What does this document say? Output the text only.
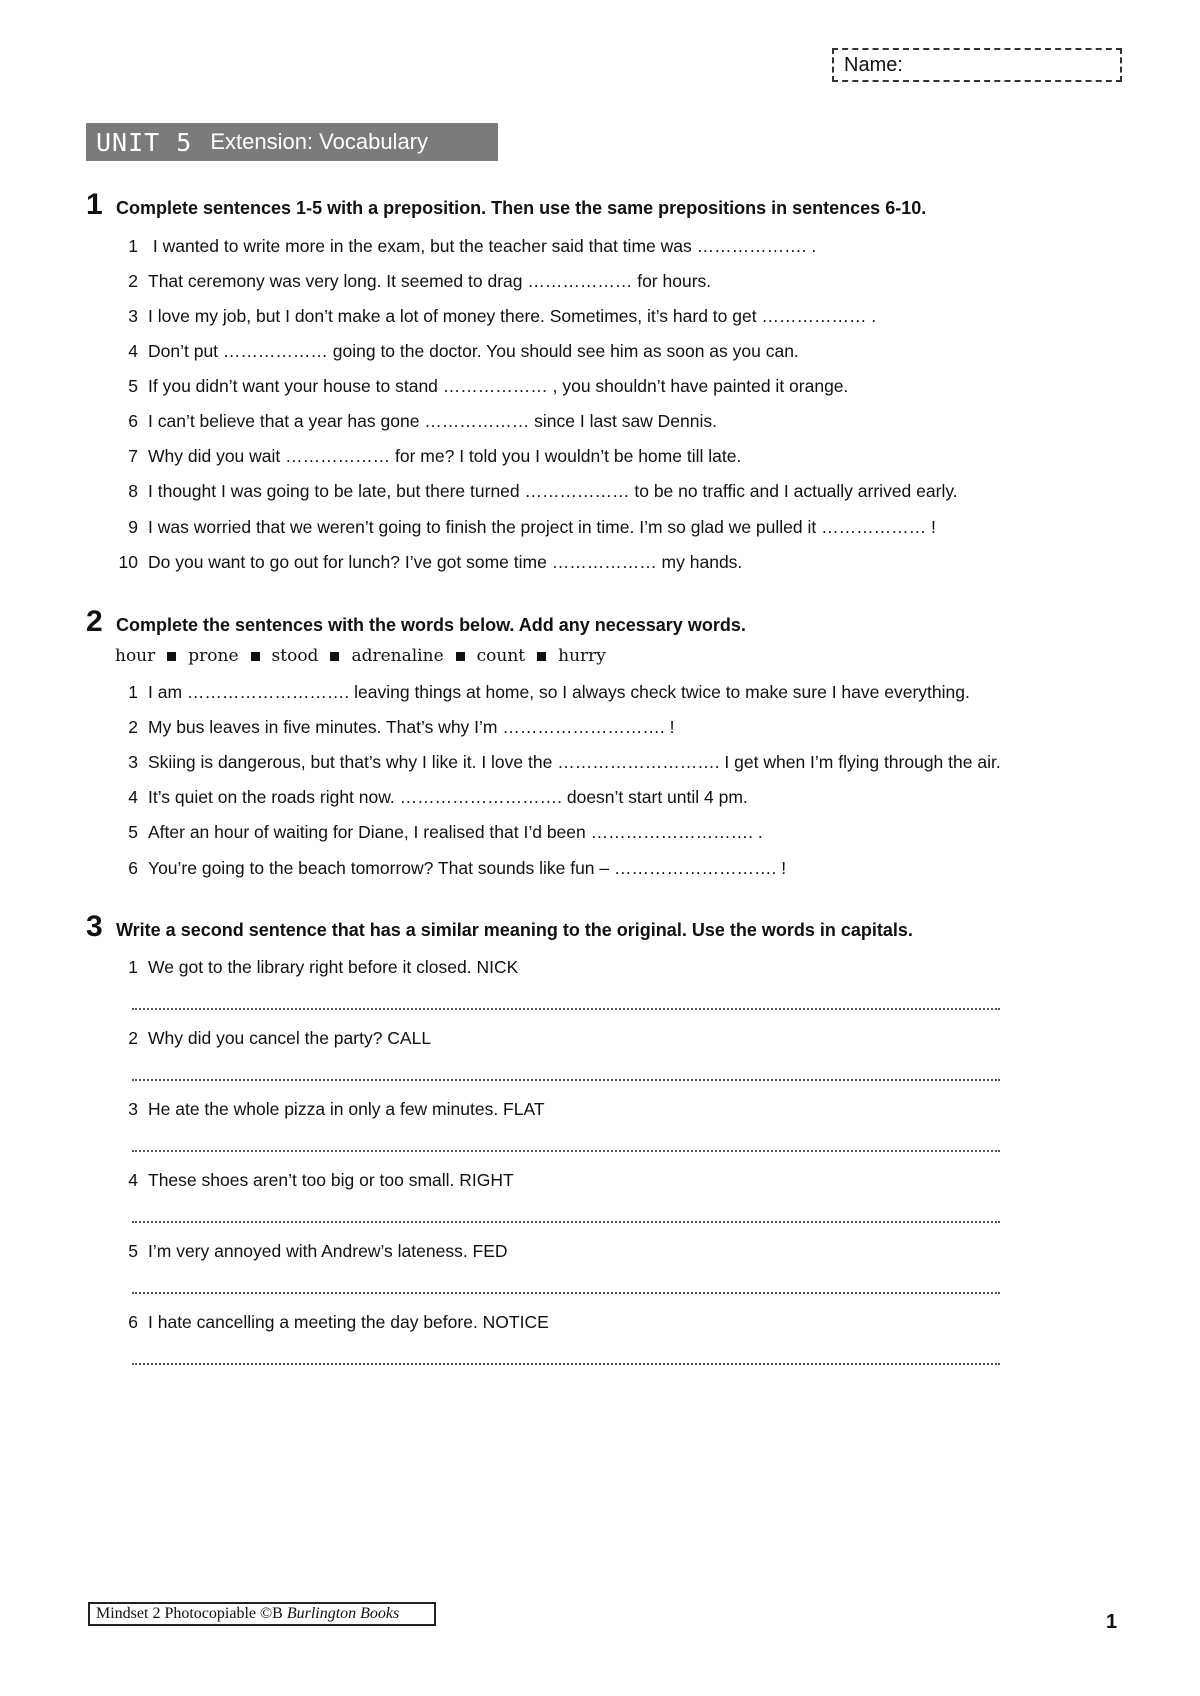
Name:
UNIT 5 Extension: Vocabulary
1 Complete sentences 1-5 with a preposition. Then use the same prepositions in sentences 6-10.
1 I wanted to write more in the exam, but the teacher said that time was ………………. .
2 That ceremony was very long. It seemed to drag ……………… for hours.
3 I love my job, but I don’t make a lot of money there. Sometimes, it’s hard to get ……………… .
4 Don’t put ……………… going to the doctor. You should see him as soon as you can.
5 If you didn’t want your house to stand ……………… , you shouldn’t have painted it orange.
6 I can’t believe that a year has gone ……………… since I last saw Dennis.
7 Why did you wait ……………… for me? I told you I wouldn’t be home till late.
8 I thought I was going to be late, but there turned ……………… to be no traffic and I actually arrived early.
9 I was worried that we weren’t going to finish the project in time. I’m so glad we pulled it ……………… !
10 Do you want to go out for lunch? I’ve got some time ……………… my hands.
2 Complete the sentences with the words below. Add any necessary words.
hour prone stood adrenaline count hurry
1 I am ………………………. leaving things at home, so I always check twice to make sure I have everything.
2 My bus leaves in five minutes. That’s why I’m ………………………. !
3 Skiing is dangerous, but that’s why I like it. I love the ………………………. I get when I’m flying through the air.
4 It’s quiet on the roads right now. ………………………. doesn’t start until 4 pm.
5 After an hour of waiting for Diane, I realised that I’d been ………………………. .
6 You’re going to the beach tomorrow? That sounds like fun – ………………………. !
3 Write a second sentence that has a similar meaning to the original. Use the words in capitals.
1 We got to the library right before it closed. NICK
2 Why did you cancel the party? CALL
3 He ate the whole pizza in only a few minutes. FLAT
4 These shoes aren’t too big or too small. RIGHT
5 I’m very annoyed with Andrew’s lateness. FED
6 I hate cancelling a meeting the day before. NOTICE
Mindset 2 Photocopiable ©B Burlington Books	1
